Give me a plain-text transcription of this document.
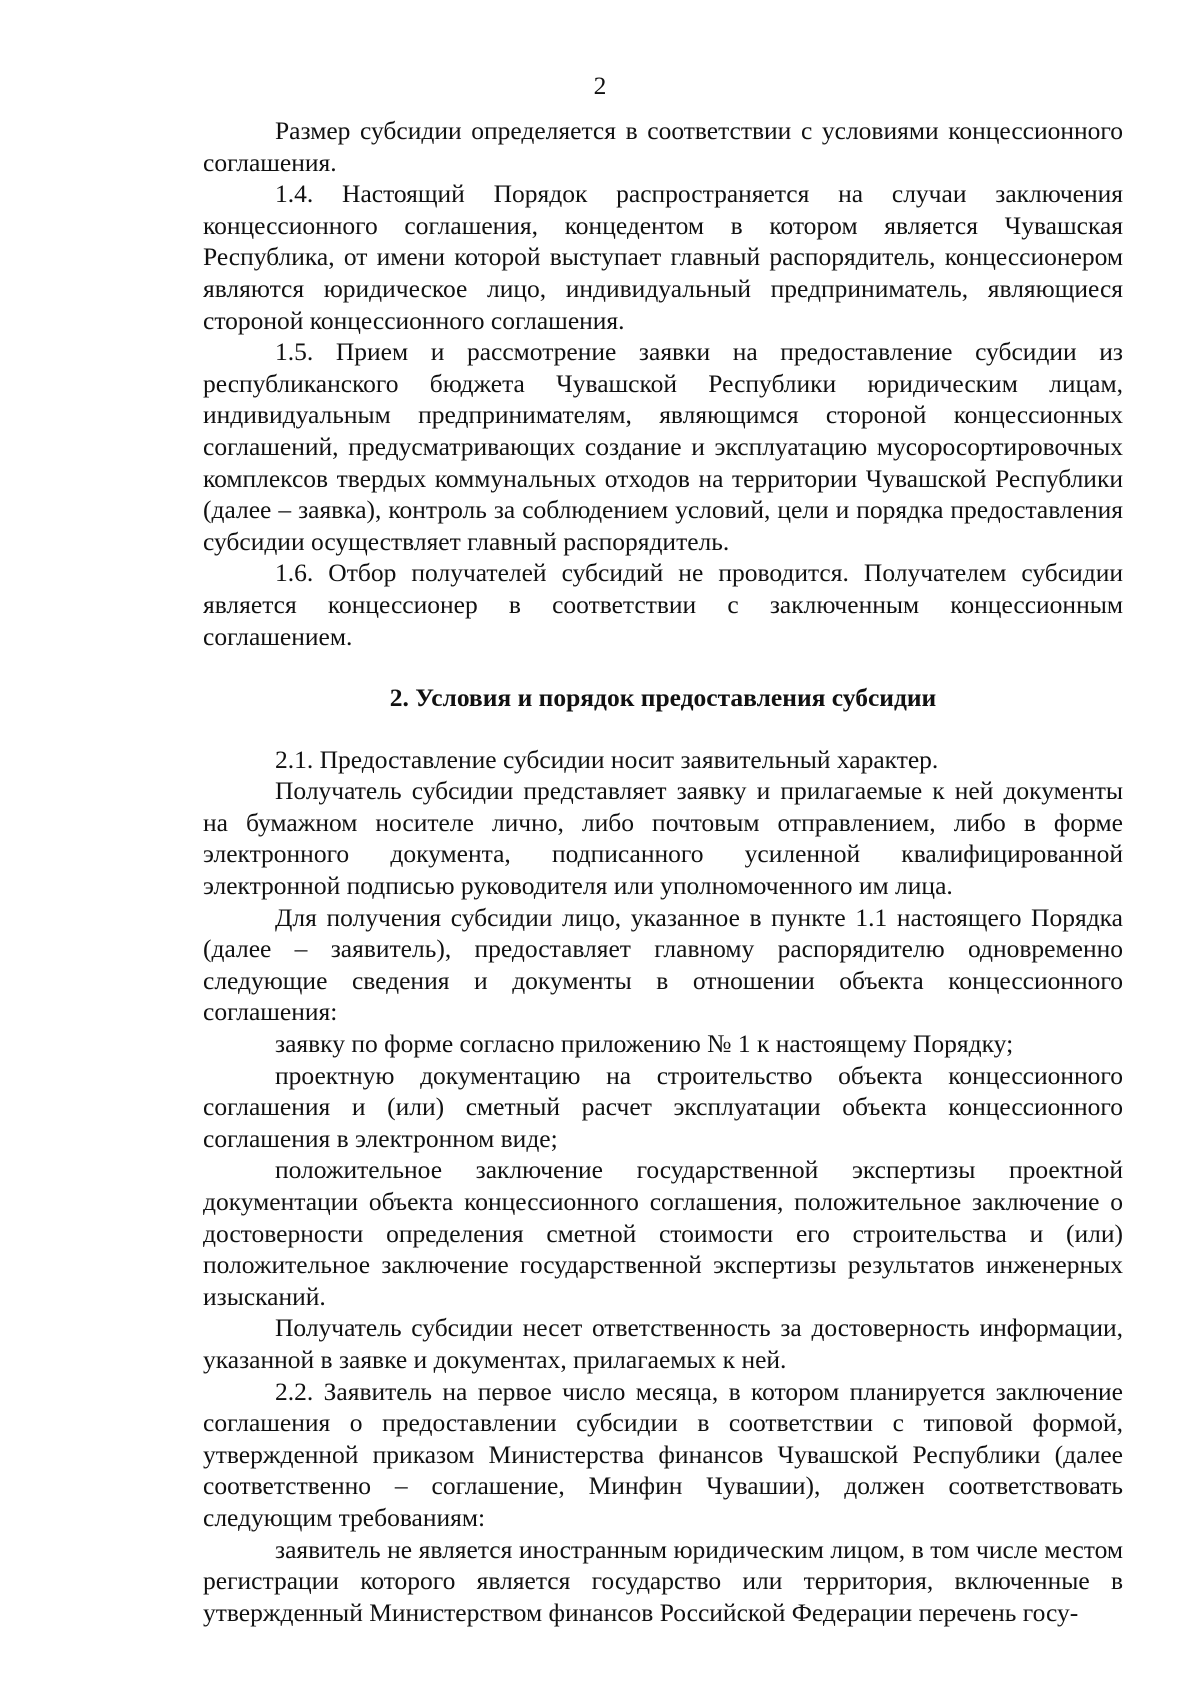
2

Размер субсидии определяется в соответствии с условиями концессионного соглашения.

1.4. Настоящий Порядок распространяется на случаи заключения концессионного соглашения, концедентом в котором является Чувашская Республика, от имени которой выступает главный распорядитель, концессионером являются юридическое лицо, индивидуальный предприниматель, являющиеся стороной концессионного соглашения.

1.5. Прием и рассмотрение заявки на предоставление субсидии из республиканского бюджета Чувашской Республики юридическим лицам, индивидуальным предпринимателям, являющимся стороной концессионных соглашений, предусматривающих создание и эксплуатацию мусоросортировочных комплексов твердых коммунальных отходов на территории Чувашской Республики (далее – заявка), контроль за соблюдением условий, цели и порядка предоставления субсидии осуществляет главный распорядитель.

1.6. Отбор получателей субсидий не проводится. Получателем субсидии является концессионер в соответствии с заключенным концессионным соглашением.

2. Условия и порядок предоставления субсидии

2.1. Предоставление субсидии носит заявительный характер.

Получатель субсидии представляет заявку и прилагаемые к ней документы на бумажном носителе лично, либо почтовым отправлением, либо в форме электронного документа, подписанного усиленной квалифицированной электронной подписью руководителя или уполномоченного им лица.

Для получения субсидии лицо, указанное в пункте 1.1 настоящего Порядка (далее – заявитель), предоставляет главному распорядителю одновременно следующие сведения и документы в отношении объекта концессионного соглашения:

заявку по форме согласно приложению № 1 к настоящему Порядку;

проектную документацию на строительство объекта концессионного соглашения и (или) сметный расчет эксплуатации объекта концессионного соглашения в электронном виде;

положительное заключение государственной экспертизы проектной документации объекта концессионного соглашения, положительное заключение о достоверности определения сметной стоимости его строительства и (или) положительное заключение государственной экспертизы результатов инженерных изысканий.

Получатель субсидии несет ответственность за достоверность информации, указанной в заявке и документах, прилагаемых к ней.

2.2. Заявитель на первое число месяца, в котором планируется заключение соглашения о предоставлении субсидии в соответствии с типовой формой, утвержденной приказом Министерства финансов Чувашской Республики (далее соответственно – соглашение, Минфин Чувашии), должен соответствовать следующим требованиям:

заявитель не является иностранным юридическим лицом, в том числе местом регистрации которого является государство или территория, включенные в утвержденный Министерством финансов Российской Федерации перечень госу-
